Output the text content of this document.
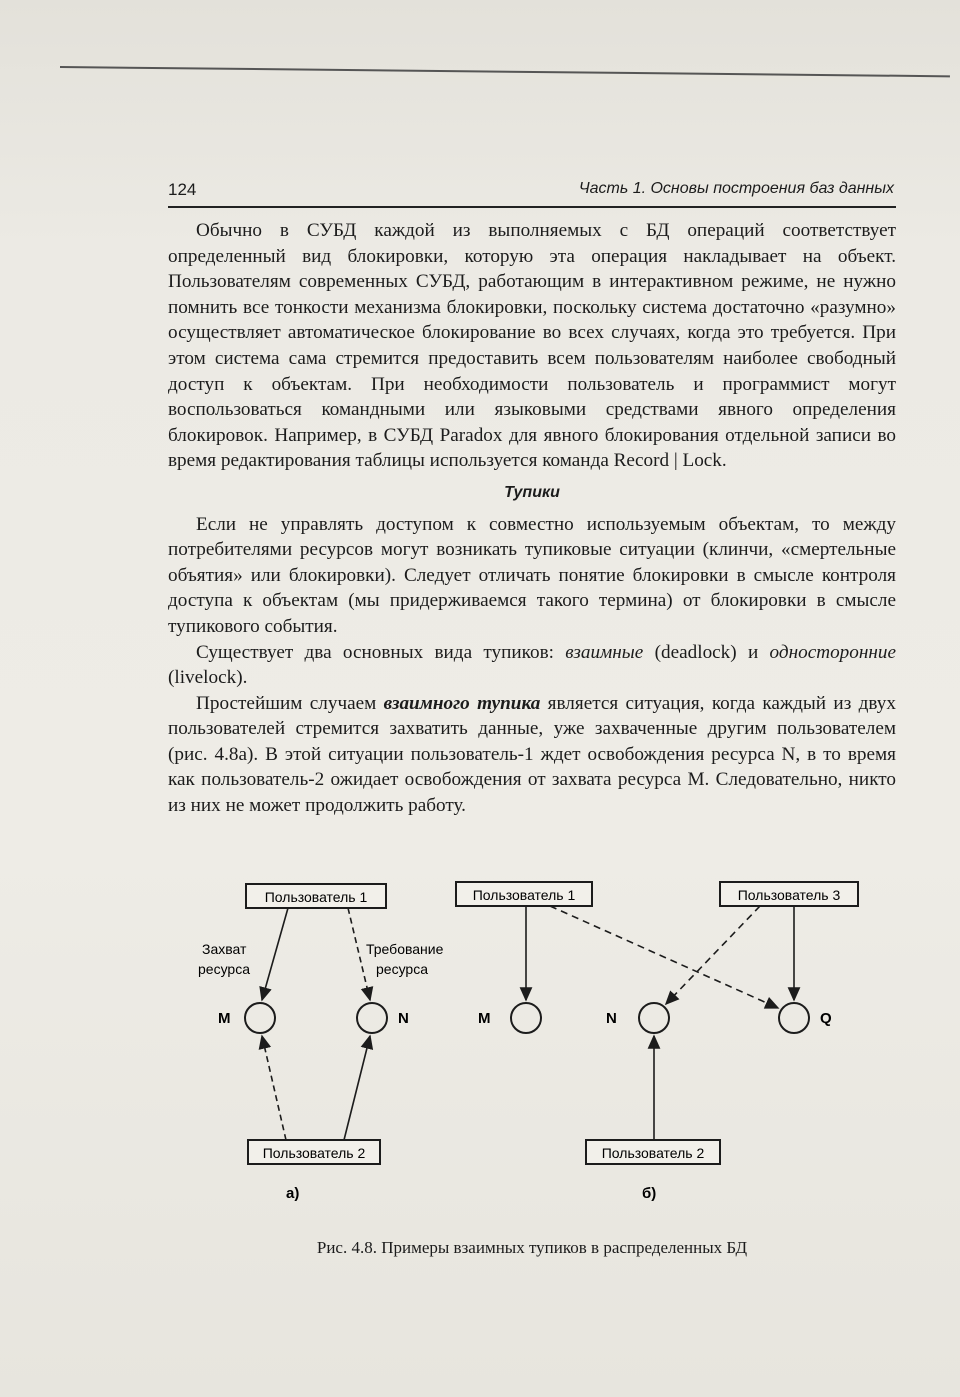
124	Часть 1. Основы построения баз данных

Обычно в СУБД каждой из выполняемых с БД операций соответствует определенный вид блокировки, которую эта операция накладывает на объект. Пользователям современных СУБД, работающим в интерактивном режиме, не нужно помнить все тонкости механизма блокировки, поскольку система достаточно «разумно» осуществляет автоматическое блокирование во всех случаях, когда это требуется. При этом система сама стремится предоставить всем пользователям наиболее свободный доступ к объектам. При необходимости пользователь и программист могут воспользоваться командными или языковыми средствами явного определения блокировок. Например, в СУБД Paradox для явного блокирования отдельной записи во время редактирования таблицы используется команда Record | Lock.

Тупики

Если не управлять доступом к совместно используемым объектам, то между потребителями ресурсов могут возникать тупиковые ситуации (клинчи, «смертельные объятия» или блокировки). Следует отличать понятие блокировки в смысле контроля доступа к объектам (мы придерживаемся такого термина) от блокировки в смысле тупикового события.

Существует два основных вида тупиков: взаимные (deadlock) и односторонние (livelock).

Простейшим случаем взаимного тупика является ситуация, когда каждый из двух пользователей стремится захватить данные, уже захваченные другим пользователем (рис. 4.8а). В этой ситуации пользователь-1 ждет освобождения ресурса N, в то время как пользователь-2 ожидает освобождения от захвата ресурса M. Следовательно, никто из них не может продолжить работу.

Пользователь 1
M	N
Захват
ресурса
Требование
ресурса
Пользователь 2
а)
Пользователь 1	Пользователь 3
M	N	Q
Пользователь 2
б)
Рис. 4.8. Примеры взаимных тупиков в распределенных БД
